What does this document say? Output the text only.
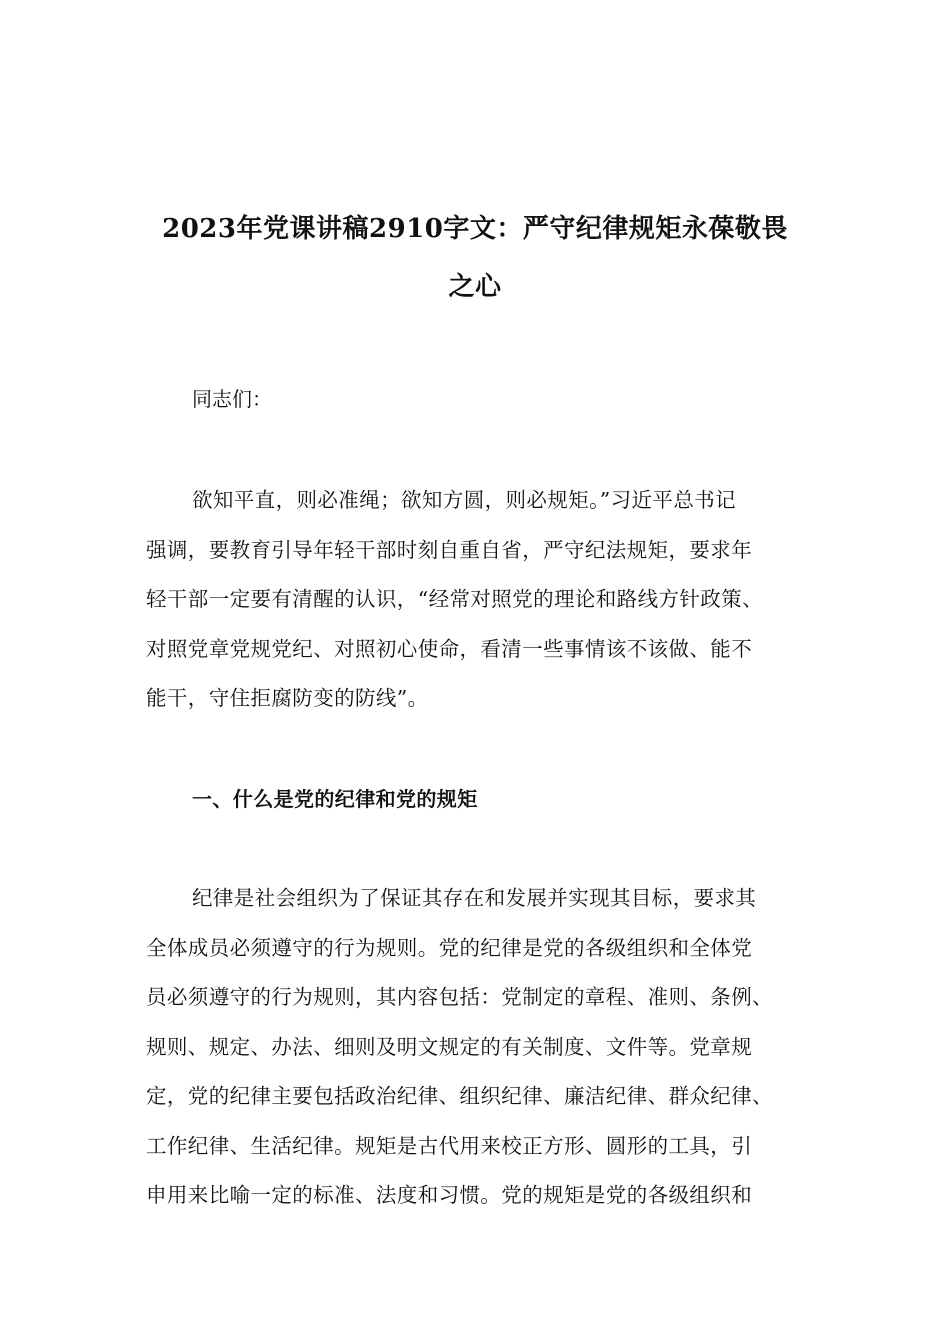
2023年党课讲稿2910字文：严守纪律规矩永葆敬畏
之心
同志们：
欲知平直，则必准绳；欲知方圆，则必规矩。”习近平总书记
强调，要教育引导年轻干部时刻自重自省，严守纪法规矩，要求年
轻干部一定要有清醒的认识，“经常对照党的理论和路线方针政策、
对照党章党规党纪、对照初心使命，看清一些事情该不该做、能不
能干，守住拒腐防变的防线”。
一、什么是党的纪律和党的规矩
纪律是社会组织为了保证其存在和发展并实现其目标，要求其
全体成员必须遵守的行为规则。党的纪律是党的各级组织和全体党
员必须遵守的行为规则，其内容包括：党制定的章程、准则、条例、
规则、规定、办法、细则及明文规定的有关制度、文件等。党章规
定，党的纪律主要包括政治纪律、组织纪律、廉洁纪律、群众纪律、
工作纪律、生活纪律。规矩是古代用来校正方形、圆形的工具，引
申用来比喻一定的标准、法度和习惯。党的规矩是党的各级组织和
